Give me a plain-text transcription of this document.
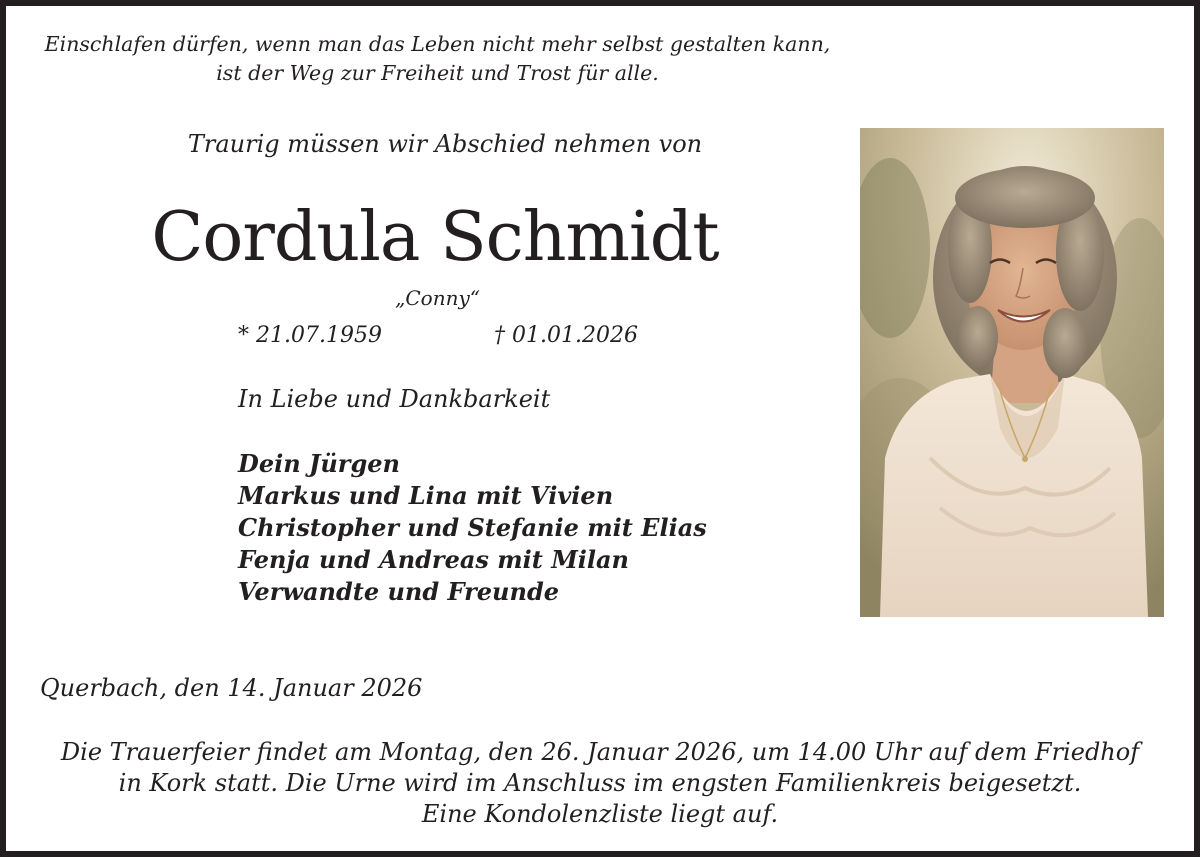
Einschlafen dürfen, wenn man das Leben nicht mehr selbst gestalten kann,
ist der Weg zur Freiheit und Trost für alle.
Traurig müssen wir Abschied nehmen von
Cordula Schmidt
„Conny“
* 21.07.1959	† 01.01.2026
In Liebe und Dankbarkeit
Dein Jürgen
Markus und Lina mit Vivien
Christopher und Stefanie mit Elias
Fenja und Andreas mit Milan
Verwandte und Freunde
Querbach, den 14. Januar 2026
Die Trauerfeier findet am Montag, den 26. Januar 2026, um 14.00 Uhr auf dem Friedhof
in Kork statt. Die Urne wird im Anschluss im engsten Familienkreis beigesetzt.
Eine Kondolenzliste liegt auf.
